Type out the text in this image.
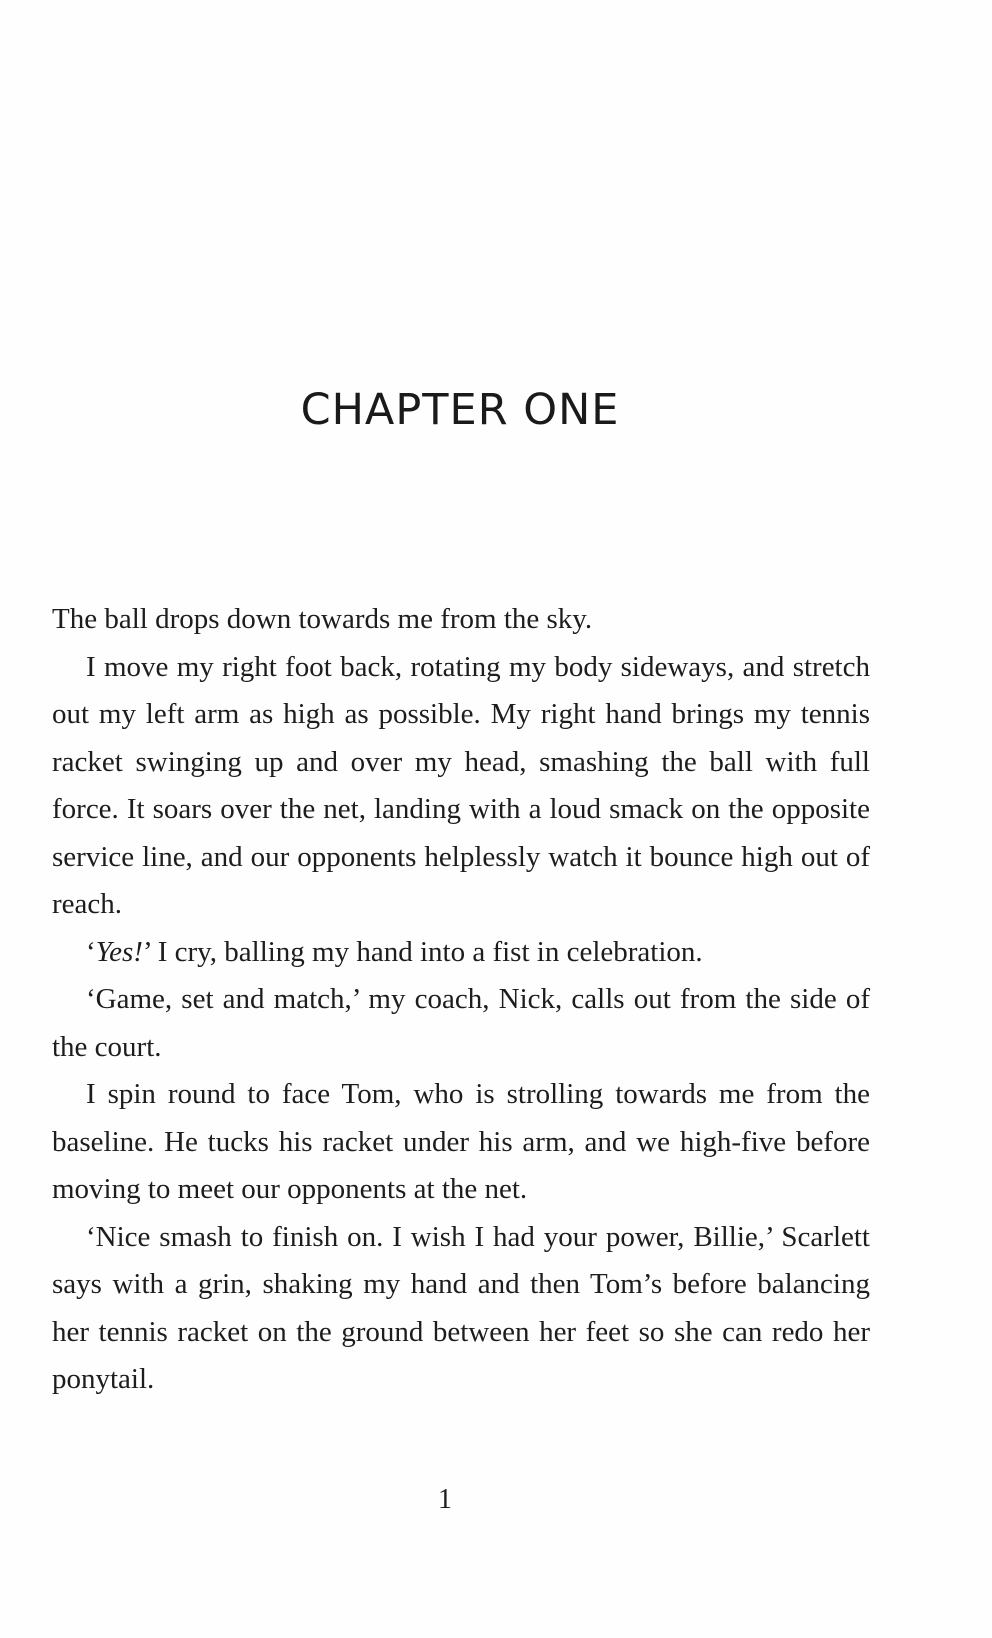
CHAPTER ONE

The ball drops down towards me from the sky.

I move my right foot back, rotating my body sideways, and stretch out my left arm as high as possible. My right hand brings my tennis racket swinging up and over my head, smashing the ball with full force. It soars over the net, landing with a loud smack on the opposite service line, and our opponents helplessly watch it bounce high out of reach.

‘Yes!’ I cry, balling my hand into a fist in celebration.

‘Game, set and match,’ my coach, Nick, calls out from the side of the court.

I spin round to face Tom, who is strolling towards me from the baseline. He tucks his racket under his arm, and we high-five before moving to meet our opponents at the net.

‘Nice smash to finish on. I wish I had your power, Billie,’ Scarlett says with a grin, shaking my hand and then Tom’s before balancing her tennis racket on the ground between her feet so she can redo her ponytail.

1
